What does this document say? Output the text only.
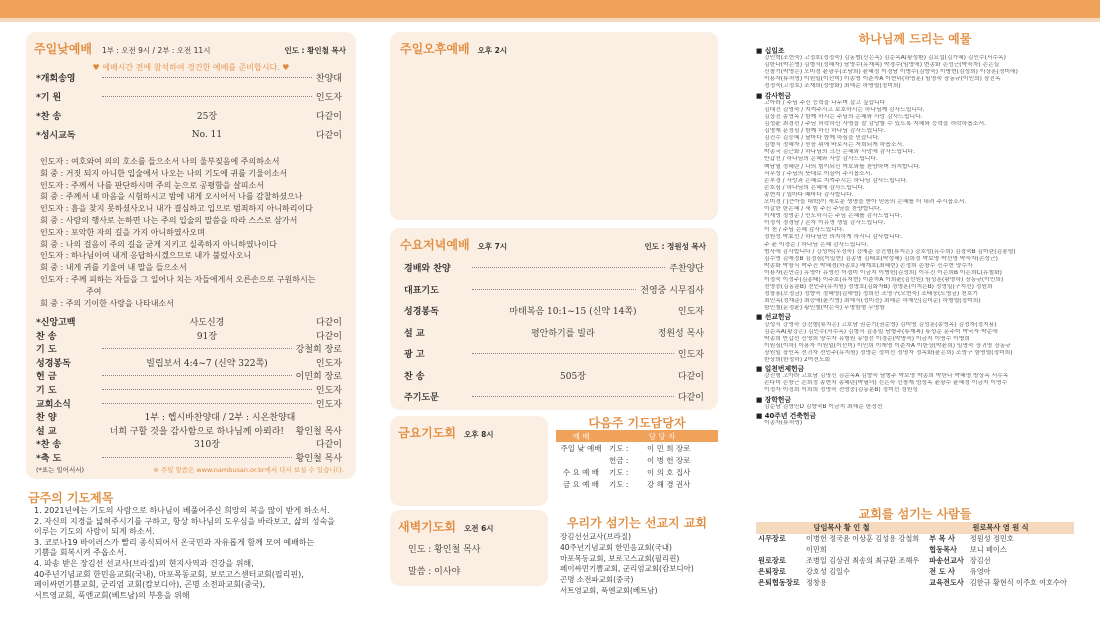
주일낮예배 1부 : 오전 9시 / 2부 : 오전 11시	인도 : 황인철 목사
♥ 예배시간 전에 참석하여 경건한 예배를 준비합시다. ♥
*개회송영	찬양대
*기 원	인도자
*찬 송	25장	다같이
*성시교독	No. 11	다같이
인도자 : 여호와여 의의 호소를 들으소서 나의 울부짖음에 주의하소서
회 중 : 거짓 되지 아니한 입술에서 나오는 나의 기도에 귀를 기울이소서
인도자 : 주께서 나를 판단하시며 주의 눈으로 공평함을 살피소서
회 중 : 주께서 내 마음을 시험하시고 밤에 내게 오시어서 나를 감찰하셨으나
인도자 : 흠을 찾지 못하셨사오니 내가 결심하고 입으로 범죄하지 아니하리이다
회 중 : 사람의 행사로 논하면 나는 주의 입술의 말씀을 따라 스스로 삼가서
인도자 : 포악한 자의 길을 가지 아니하였사오며
회 중 : 나의 걸음이 주의 길을 굳게 지키고 실족하지 아니하였나이다
인도자 : 하나님이여 내게 응답하시겠으므로 내가 불렀사오니
회 중 : 내게 귀를 기울여 내 말을 들으소서
인도자 : 주께 피하는 자들을 그 일어나 치는 자들에게서 오른손으로 구원하시는
주여
회 중 : 주의 기이한 사랑을 나타내소서
*신앙고백	사도신경	다같이
찬 송	91장	다같이
기 도	강철희 장로
성경봉독	빌립보서 4:4~7 (신약 322쪽)	인도자
헌 금	이민희 장로
기 도	인도자
교회소식	인도자
찬 양	1부 : 헵시바찬양대 / 2부 : 시온찬양대
설 교	너희 구할 것을 감사함으로 하나님께 아뢰라!	황인철 목사
*찬 송	310장	다같이
*축 도	황인철 목사
(*표는 일어서서)	※ 주일 말씀은 www.nambusan.or.kr에서 다시 보실 수 있습니다.
금주의 기도제목
1. 2021년에는 기도의 사람으로 하나님이 베풀어주신 희망의 복을 많이 받게 하소서.
2. 자신의 지경을 넓혀주시기를 구하고, 항상 하나님의 도우심을 바라보고, 삶의 성숙을
이루는 기도의 사람이 되게 하소서.
3. 코로나19 바이러스가 빨리 종식되어서 온국민과 자유롭게 함께 모여 예배하는
기쁨을 회복시켜 주옵소서.
4. 파송 받은 장김선 선교사(브라질)의 현지사역과 건강을 위해,
40주년기념교회 한민음교회(국내), 마포목동교회, 보로고스센터교회(필리핀),
페이싸먼기쁨교회, 군리엄 교회(캄보디아), 곤명 소전파교회(중국),
서트영교회, 푹엔교회(베트남)의 부흥을 위해
주일오후예배 오후 2시
수요저녁예배 오후 7시	인도 : 정원성 목사
경배와 찬양	주찬양단
대표기도	전영중 시무집사
성경봉독	마태복음 10:1~15 (신약 14쪽)	인도자
설 교	평안하기를 빌라	정원성 목사
광 고	인도자
찬 송	505장	다같이
주기도문	다같이
금요기도회 오후 8시
새벽기도회 오전 6시
인도 : 황인철 목사
말씀 : 이사야
다음주 기도담당자
예 배	담 당 자	
주일 낮 예배	기도 :	이 민 희 장로
	헌금 :	이 병 헌 장로
수 요 예 배	기도 :	이 의 호 집사
금 요 예 배	기도 :	강 해 경 권사
우리가 섬기는 선교지 교회
장김선선교사(브라질)
40주년기념교회 한민음교회(국내)
마포목동교회, 보로고스교회(필리핀)
페이싸먼기쁨교회, 군리엄교회(캄보디아)
곤명 소전파교회(중국)
서트영교회, 푹엔교회(베트남)
하나님께 드리는 예물
■ 십일조
강인혁(조현숙) 고정호(정정숙) 김동범(신은옥) 김순옥A(황성환) 김요섭(김가혜) 김인수(서수옥)
김한나(박은영) 김형식(정혜자) 남영수(유재복) 박경수(임영애) 변종화 손성근(박숙자) 손은실
신창기(박영은) 오미경 윤광우(조남희) 윤혜정 이경남 이병수(김향숙) 이병현(김성희) 이상훈(정미애)
이용자(류처영) 이원일(이선미) 이종영 이춘자A 이현덕(하명훈) 임명숙 장동규(이인희) 장진옥
정정숙(고정호) 조재희(정영화) 최해순 하명렬(정미희)
■ 감사헌금
고아라 / 주님 주신 능력을 나누며 살고 싶습니다
김대건 김영숙 / 지켜주시고 보호하시는 하나님께 감사드립니다.
김상진 송영옥 / 함께 하시는 주님의 은혜와 사랑 감사드립니다.
김성윤 최경선 / 주님 허락하신 사명을 잘 감당할 수 있도록 지혜와 능력을 허락하옵소서.
김영재 문정심 / 함께 하신 하나님 감사드립니다.
김진수 김승혜 / 날마다 함께 하심을 믿습니다.
김형식 정혜자 / 믿음 위에 바로서는 저희되게 하옵소서.
박종국 김근화 / 하나님의 크신 은혜와 사랑에 감사드립니다.
반갑선 / 하나님의 은혜와 사랑 감사드립니다.
백남열 정혜란 / 나의 힘이되신 여호와를 찬양하며 의지합니다.
서무성 / 주님의 뜻대로 이끌어 주시옵소서.
손부경 / 사랑과 은혜로 지켜주시는 하나님 감사드립니다.
손호심 / 하나님의 은혜에 감사드립니다.
송현지 / 일마다 때마다 감사합니다.
오미경 / (큰아들 대학)이 새로운 생명을 받아 믿음의 은혜를 더 내려 주시옵소서.
이갈한 한은혜 / 새 힘 주신 주님을 찬양합니다.
이재영 정영순 / 인도하시는 주님 은혜를 감사드립니다.
이정석 정경남 / 손자 이유영 생일 감사드립니다.
이 천 / 주님 은혜 감사드립니다.
정원성 박효선 / 하나님만 의지하게 하시니 감사합니다.
주 윤 이경순 / 하나님 은혜 감사드립니다.
범사에 감사합니다 / 강성어(우정숙) 강예준 강진형(류지은) 강호성(유수희) 김경숙B 김미란(김봉렬)
김수영 김예정B 김정심(이일현) 김종명 김태호(박성혜) 김희정 박보영 박선영 박숙자(손성근)
박종화 박창식 박주진 박혜경(하종호) 배계호(최혜련) 손정희 손창수 신수현 양수자
이용자(손만순) 유영아 유영선 이경미 이금지 이병헌(김성희) 이우진 이은희B 이은희C(유철화)
이정숙 이정주(김종태) 이주호(유지현) 이춘자A 이희윤(김선원) 임성훈(황명하) 장동규(이인희)
전영중(김동분B) 전인주(유지원) 정명호(김화자B) 정영훈(이지은B) 정영일(구지선) 정원희
정창용(오정금) 정향숙 정혜영(김해영) 정희선 조영구(오현숙) 조태웅(도영금) 천호기
최민옥(정재준) 최승애(윤기영) 최예식(정미선) 최해순 하재민(김미순) 하형렬(정미희)
함인철(문정윤) 황인철(박은숙) 무명함형 무명함
■ 선교헌금
강성식 강영숙 강진형(류지은) 고호남 권순기(권순영) 김미영 김성훈(송영옥) 김정자(정지용)
김순옥A(황강은) 김인수(서수옥) 김형식 김흥일 남형주(류재복) 류성순 문주미 박국자 박순애
박종희 반갑선 신영희 양수자 유형원 유영선 이경순(박명숙) 이금지 이명수 이병희
이원심(이하) 이용자 이원일(이선미) 이인희 이재영 이춘자A 이한상(박윤희) 임명숙 장귀영 장동규
장원일 장인옥 전귀자 전인주(유지원) 정영순 정미선 정명자 정옥화(윤은희) 조영구 함명렬(정미희)
한상희(한정하) 2여전도회
■ 일천번제헌금
강진형 고아라 고호남 김명신 김순옥A 김향숙 남형주 박보영 박종희 박한나 박혜영 방상옥 서수옥
손다미 손창근 손희정 송현지 송혜란(박필녀) 신은숙 신창재 엄성옥 윤광수 윤혜정 이금지 이명수
이정자 이정희 이희희 정영숙 전영중(김동분B) 정미선 정원성
■ 장학헌금
김순남 김영민D 김향숙B 이금지 최해순 한정선
■ 40주년 건축헌금
이종자(류처영)
교회를 섬기는 사람들
담임목사 황 인 철		원로목사 염 원 식	
시무장로	이병헌 정국윤 이상훈 김성용 강철희	부 목 사	정원성 정민호
	이민희	협동목사	보니 페이스
원로장로	조병일 김상권 최송의 최규환 조해우	파송선교사	장김선
은퇴장로	강호성 김일수	전 도 사	유영아
은퇴협동장로	정창용	교육전도사	김한규 황현식 이주호 여호수아
